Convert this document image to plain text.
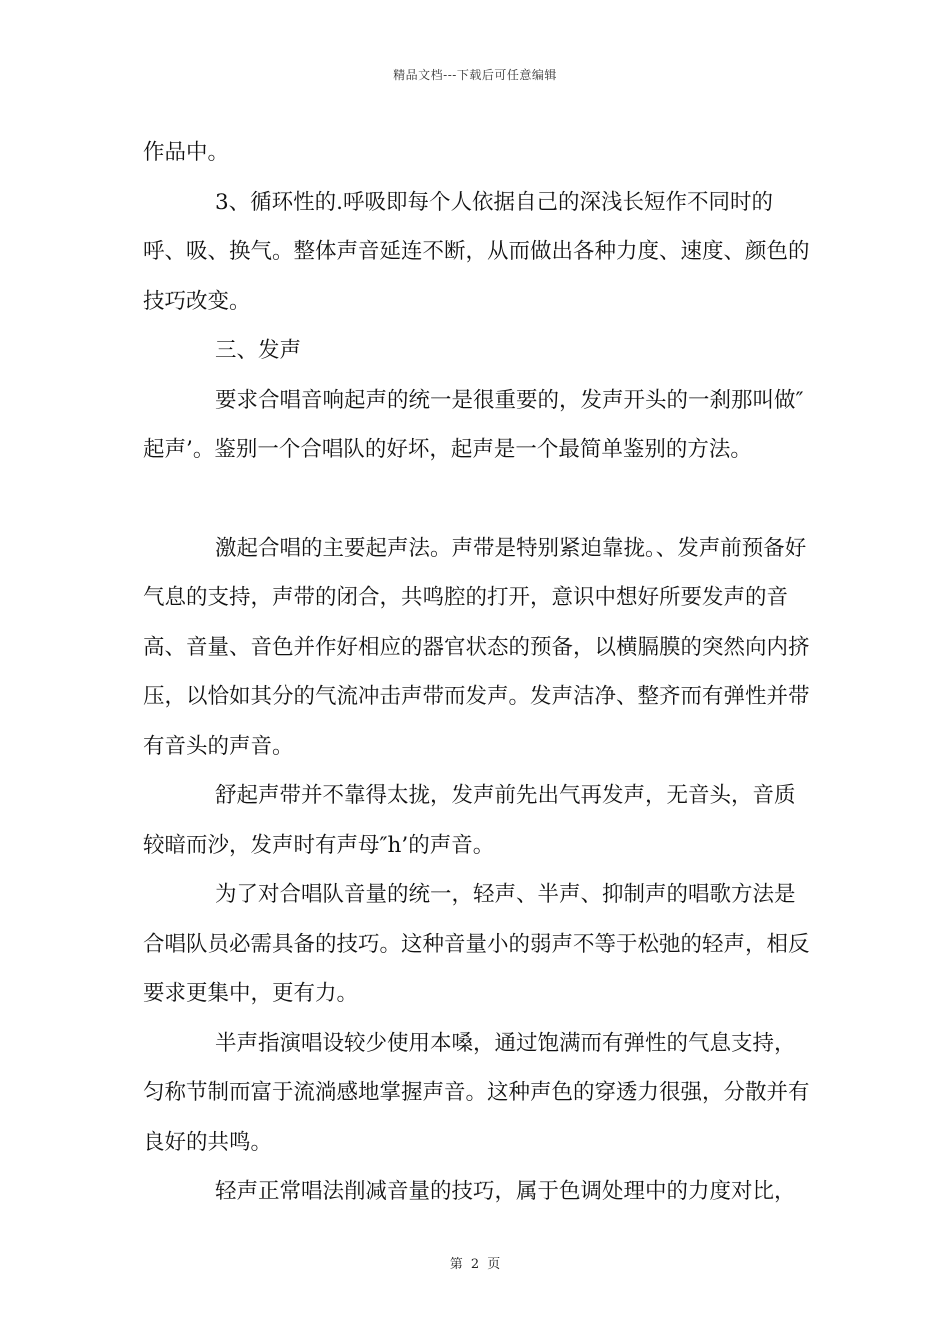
精品文档---下载后可任意编辑

作品中。

3、循环性的.呼吸即每个人依据自己的深浅长短作不同时的呼、吸、换气。整体声音延连不断，从而做出各种力度、速度、颜色的技巧改变。

三、发声

要求合唱音响起声的统一是很重要的，发声开头的一刹那叫做″起声’。鉴别一个合唱队的好坏，起声是一个最简单鉴别的方法。

激起合唱的主要起声法。声带是特别紧迫靠拢。、发声前预备好气息的支持，声带的闭合，共鸣腔的打开，意识中想好所要发声的音高、音量、音色并作好相应的器官状态的预备，以横膈膜的突然向内挤压，以恰如其分的气流冲击声带而发声。发声洁净、整齐而有弹性并带有音头的声音。

舒起声带并不靠得太拢，发声前先出气再发声，无音头，音质较暗而沙，发声时有声母″h’的声音。

为了对合唱队音量的统一，轻声、半声、抑制声的唱歌方法是合唱队员必需具备的技巧。这种音量小的弱声不等于松弛的轻声，相反要求更集中，更有力。

半声指演唱设较少使用本嗓，通过饱满而有弹性的气息支持，匀称节制而富于流淌感地掌握声音。这种声色的穿透力很强，分散并有良好的共鸣。

轻声正常唱法削减音量的技巧，属于色调处理中的力度对比，

第 2 页
